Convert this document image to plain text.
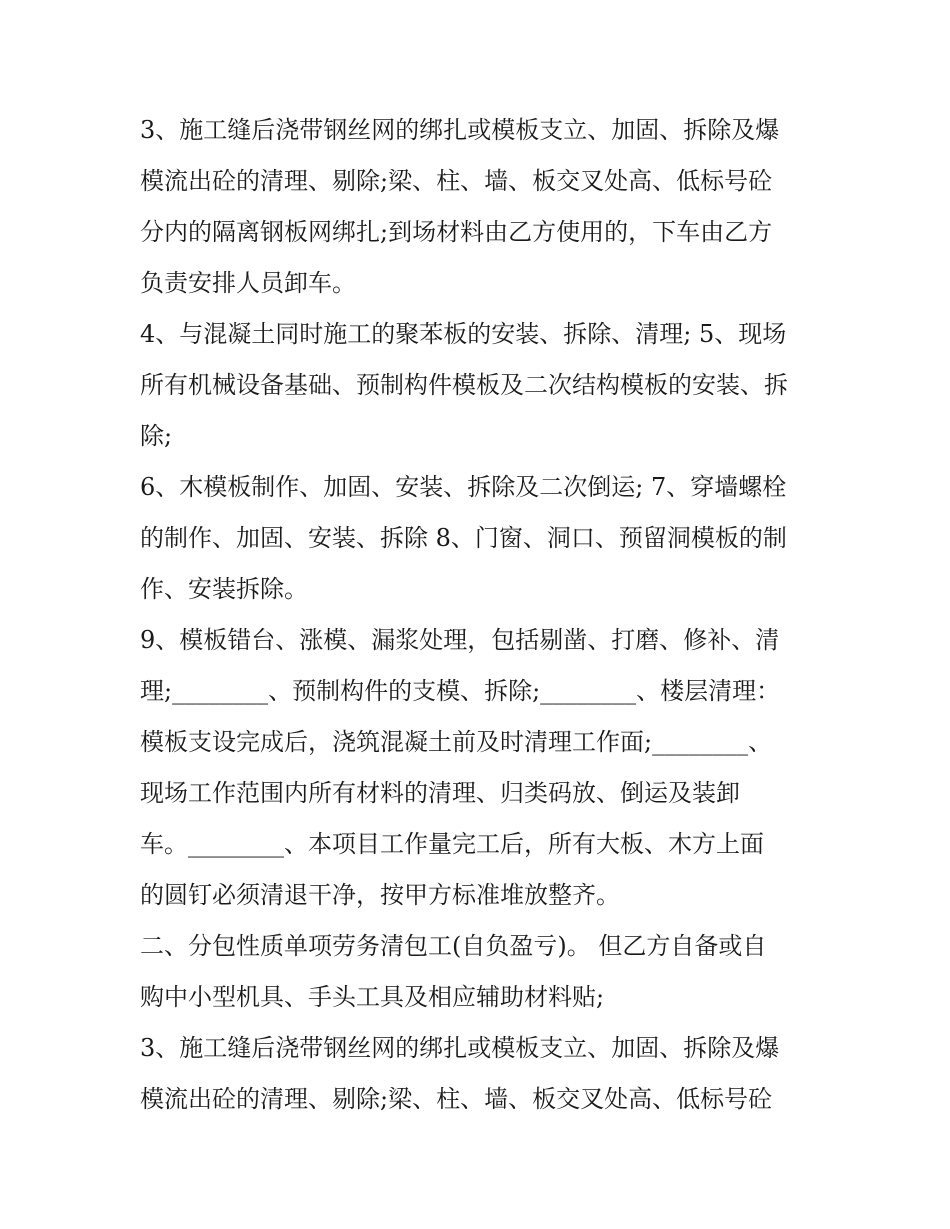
3、施工缝后浇带钢丝网的绑扎或模板支立、加固、拆除及爆
模流出砼的清理、剔除;梁、柱、墙、板交叉处高、低标号砼
分内的隔离钢板网绑扎;到场材料由乙方使用的，下车由乙方
负责安排人员卸车。
4、与混凝土同时施工的聚苯板的安装、拆除、清理; 5、现场
所有机械设备基础、预制构件模板及二次结构模板的安装、拆
除;
6、木模板制作、加固、安装、拆除及二次倒运; 7、穿墙螺栓
的制作、加固、安装、拆除 8、门窗、洞口、预留洞模板的制
作、安装拆除。
9、模板错台、涨模、漏浆处理，包括剔凿、打磨、修补、清
理;________、预制构件的支模、拆除;________、楼层清理：
模板支设完成后，浇筑混凝土前及时清理工作面;________、
现场工作范围内所有材料的清理、归类码放、倒运及装卸
车。________、本项目工作量完工后，所有大板、木方上面
的圆钉必须清退干净，按甲方标准堆放整齐。
二、分包性质单项劳务清包工(自负盈亏)。 但乙方自备或自
购中小型机具、手头工具及相应辅助材料贴;
3、施工缝后浇带钢丝网的绑扎或模板支立、加固、拆除及爆
模流出砼的清理、剔除;梁、柱、墙、板交叉处高、低标号砼
